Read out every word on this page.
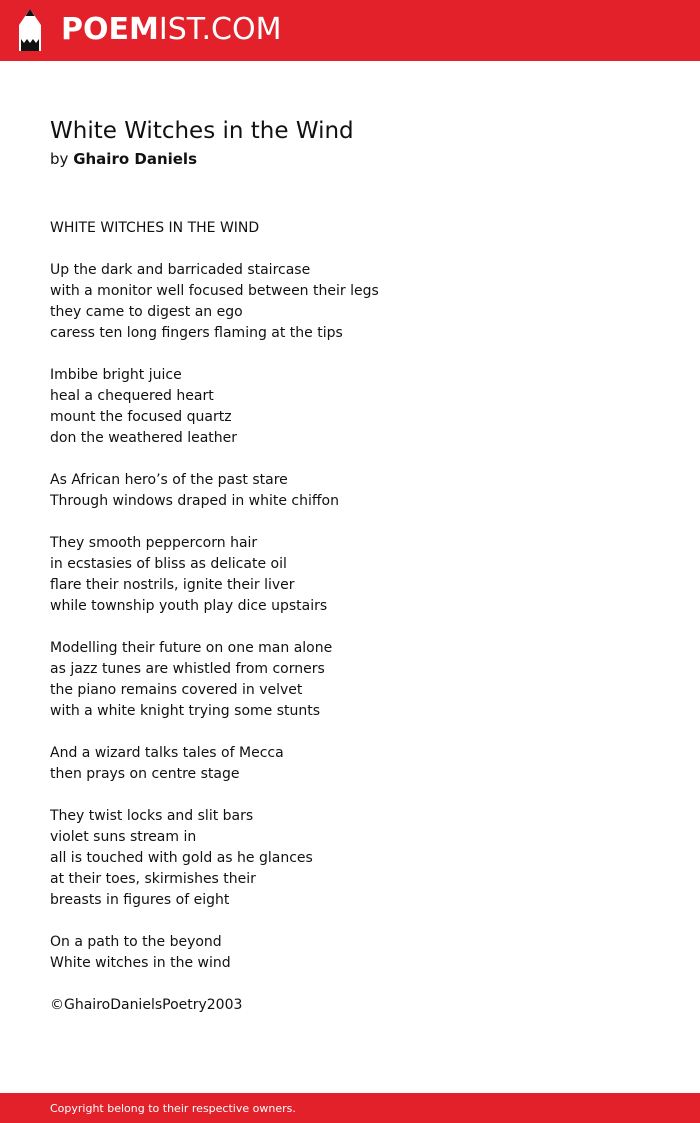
POEMIST.COM
White Witches in the Wind
by Ghairo Daniels
WHITE WITCHES IN THE WIND
Up the dark and barricaded staircase
with a monitor well focused between their legs
they came to digest an ego
caress ten long fingers flaming at the tips
Imbibe bright juice
heal a chequered heart
mount the focused quartz
don the weathered leather
As African hero’s of the past stare
Through windows draped in white chiffon
They smooth peppercorn hair
in ecstasies of bliss as delicate oil
flare their nostrils, ignite their liver
while township youth play dice upstairs
Modelling their future on one man alone
as jazz tunes are whistled from corners
the piano remains covered in velvet
with a white knight trying some stunts
And a wizard talks tales of Mecca
then prays on centre stage
They twist locks and slit bars
violet suns stream in
all is touched with gold as he glances
at their toes, skirmishes their
breasts in figures of eight
On a path to the beyond
White witches in the wind
©GhairoDanielsPoetry2003
Copyright belong to their respective owners.
